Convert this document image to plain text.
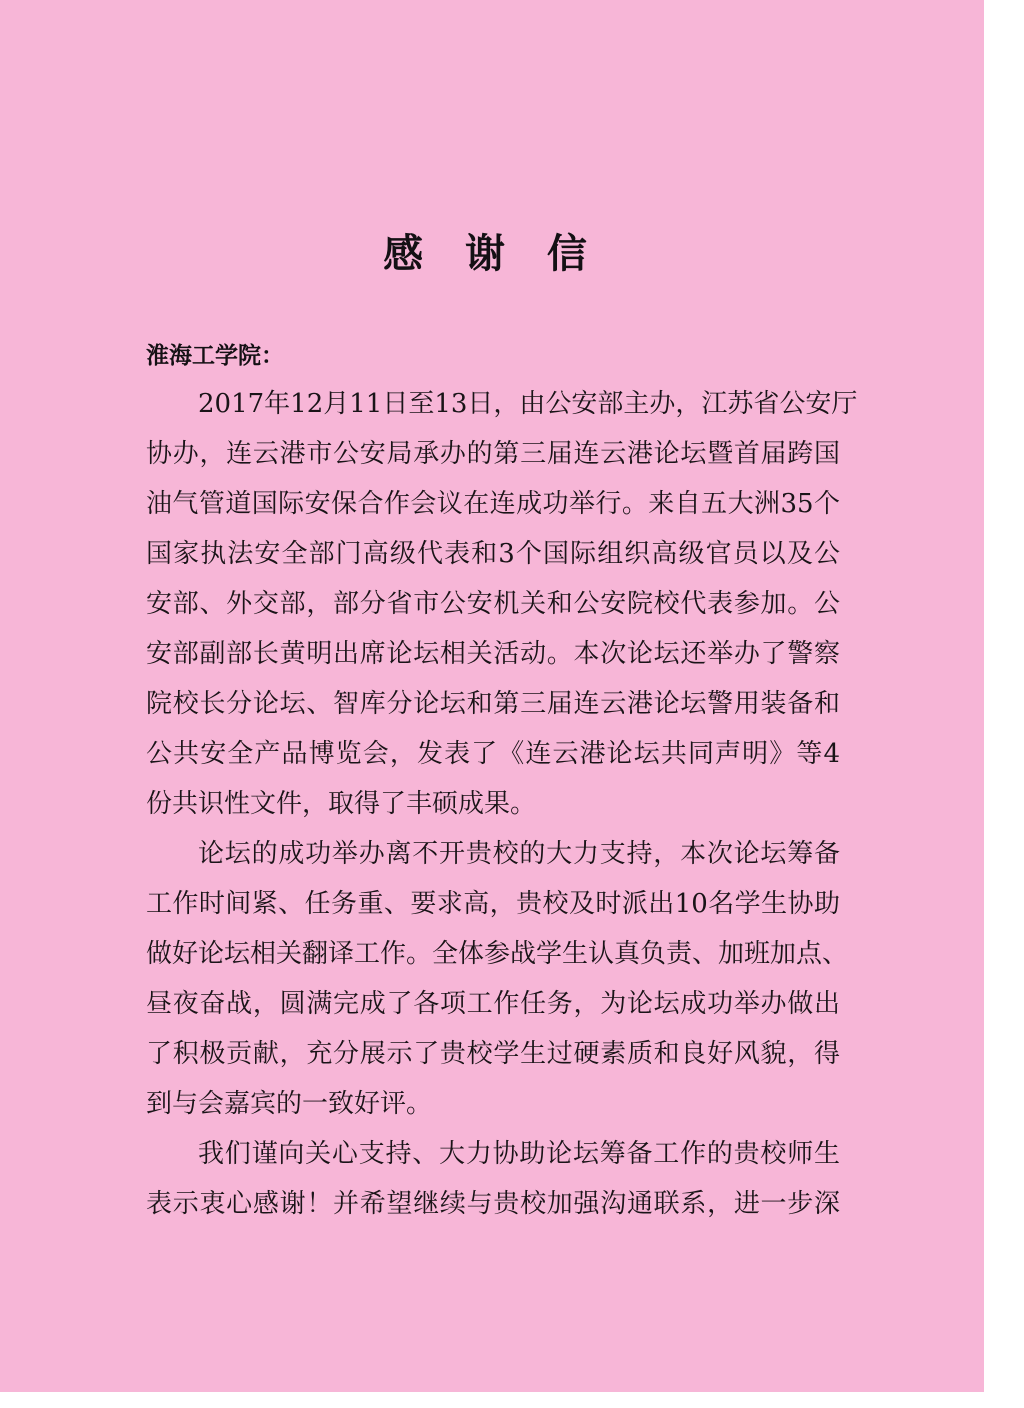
感 谢 信

淮海工学院：

2017年12月11日至13日，由公安部主办，江苏省公安厅

协办，连云港市公安局承办的第三届连云港论坛暨首届跨国

油气管道国际安保合作会议在连成功举行。来自五大洲35个

国家执法安全部门高级代表和3个国际组织高级官员以及公

安部、外交部，部分省市公安机关和公安院校代表参加。公

安部副部长黄明出席论坛相关活动。本次论坛还举办了警察

院校长分论坛、智库分论坛和第三届连云港论坛警用装备和

公共安全产品博览会，发表了《连云港论坛共同声明》等4

份共识性文件，取得了丰硕成果。

论坛的成功举办离不开贵校的大力支持，本次论坛筹备

工作时间紧、任务重、要求高，贵校及时派出10名学生协助

做好论坛相关翻译工作。全体参战学生认真负责、加班加点、

昼夜奋战，圆满完成了各项工作任务，为论坛成功举办做出

了积极贡献，充分展示了贵校学生过硬素质和良好风貌，得

到与会嘉宾的一致好评。

我们谨向关心支持、大力协助论坛筹备工作的贵校师生

表示衷心感谢！并希望继续与贵校加强沟通联系，进一步深
